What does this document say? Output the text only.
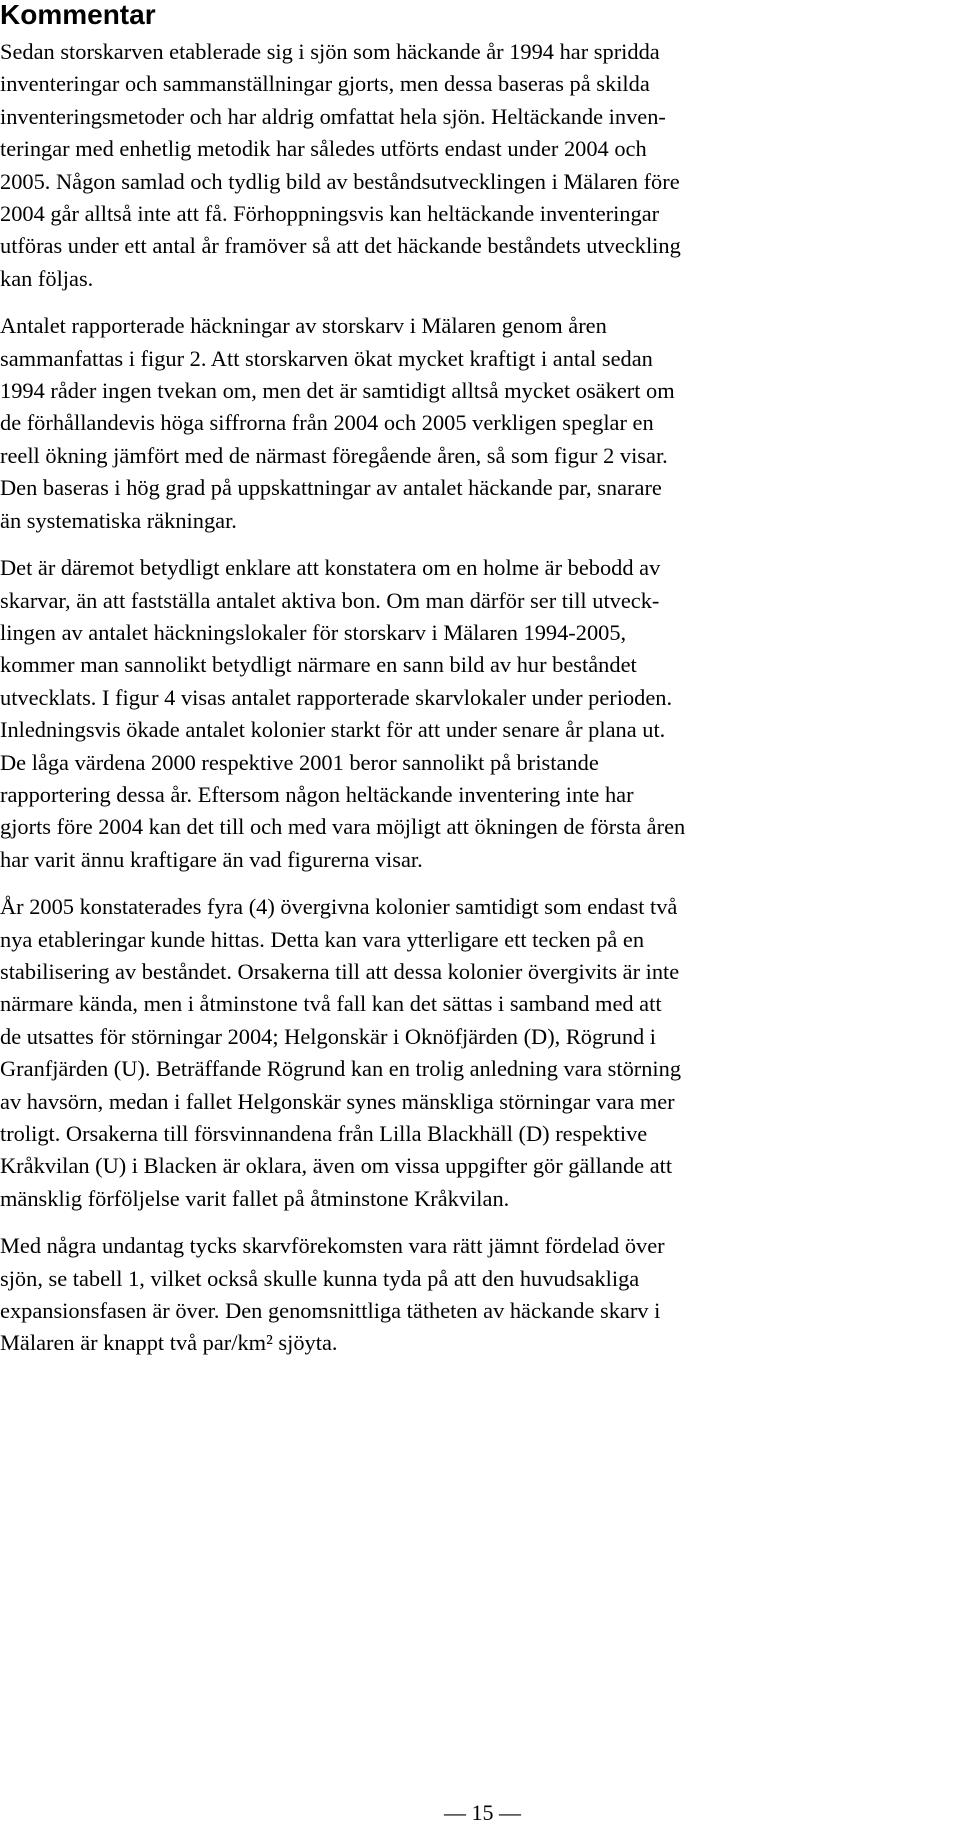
Kommentar

Sedan storskarven etablerade sig i sjön som häckande år 1994 har spridda
inventeringar och sammanställningar gjorts, men dessa baseras på skilda
inventeringsmetoder och har aldrig omfattat hela sjön. Heltäckande inven-
teringar med enhetlig metodik har således utförts endast under 2004 och
2005. Någon samlad och tydlig bild av beståndsutvecklingen i Mälaren före
2004 går alltså inte att få. Förhoppningsvis kan heltäckande inventeringar
utföras under ett antal år framöver så att det häckande beståndets utveckling
kan följas.

Antalet rapporterade häckningar av storskarv i Mälaren genom åren
sammanfattas i figur 2. Att storskarven ökat mycket kraftigt i antal sedan
1994 råder ingen tvekan om, men det är samtidigt alltså mycket osäkert om
de förhållandevis höga siffrorna från 2004 och 2005 verkligen speglar en
reell ökning jämfört med de närmast föregående åren, så som figur 2 visar.
Den baseras i hög grad på uppskattningar av antalet häckande par, snarare
än systematiska räkningar.

Det är däremot betydligt enklare att konstatera om en holme är bebodd av
skarvar, än att fastställa antalet aktiva bon. Om man därför ser till utveck-
lingen av antalet häckningslokaler för storskarv i Mälaren 1994-2005,
kommer man sannolikt betydligt närmare en sann bild av hur beståndet
utvecklats. I figur 4 visas antalet rapporterade skarvlokaler under perioden.
Inledningsvis ökade antalet kolonier starkt för att under senare år plana ut.
De låga värdena 2000 respektive 2001 beror sannolikt på bristande
rapportering dessa år. Eftersom någon heltäckande inventering inte har
gjorts före 2004 kan det till och med vara möjligt att ökningen de första åren
har varit ännu kraftigare än vad figurerna visar.

År 2005 konstaterades fyra (4) övergivna kolonier samtidigt som endast två
nya etableringar kunde hittas. Detta kan vara ytterligare ett tecken på en
stabilisering av beståndet. Orsakerna till att dessa kolonier övergivits är inte
närmare kända, men i åtminstone två fall kan det sättas i samband med att
de utsattes för störningar 2004; Helgonskär i Oknöfjärden (D), Rögrund i
Granfjärden (U). Beträffande Rögrund kan en trolig anledning vara störning
av havsörn, medan i fallet Helgonskär synes mänskliga störningar vara mer
troligt. Orsakerna till försvinnandena från Lilla Blackhäll (D) respektive
Kråkvilan (U) i Blacken är oklara, även om vissa uppgifter gör gällande att
mänsklig förföljelse varit fallet på åtminstone Kråkvilan.

Med några undantag tycks skarvförekomsten vara rätt jämnt fördelad över
sjön, se tabell 1, vilket också skulle kunna tyda på att den huvudsakliga
expansionsfasen är över. Den genomsnittliga tätheten av häckande skarv i
Mälaren är knappt två par/km² sjöyta.

— 15 —
